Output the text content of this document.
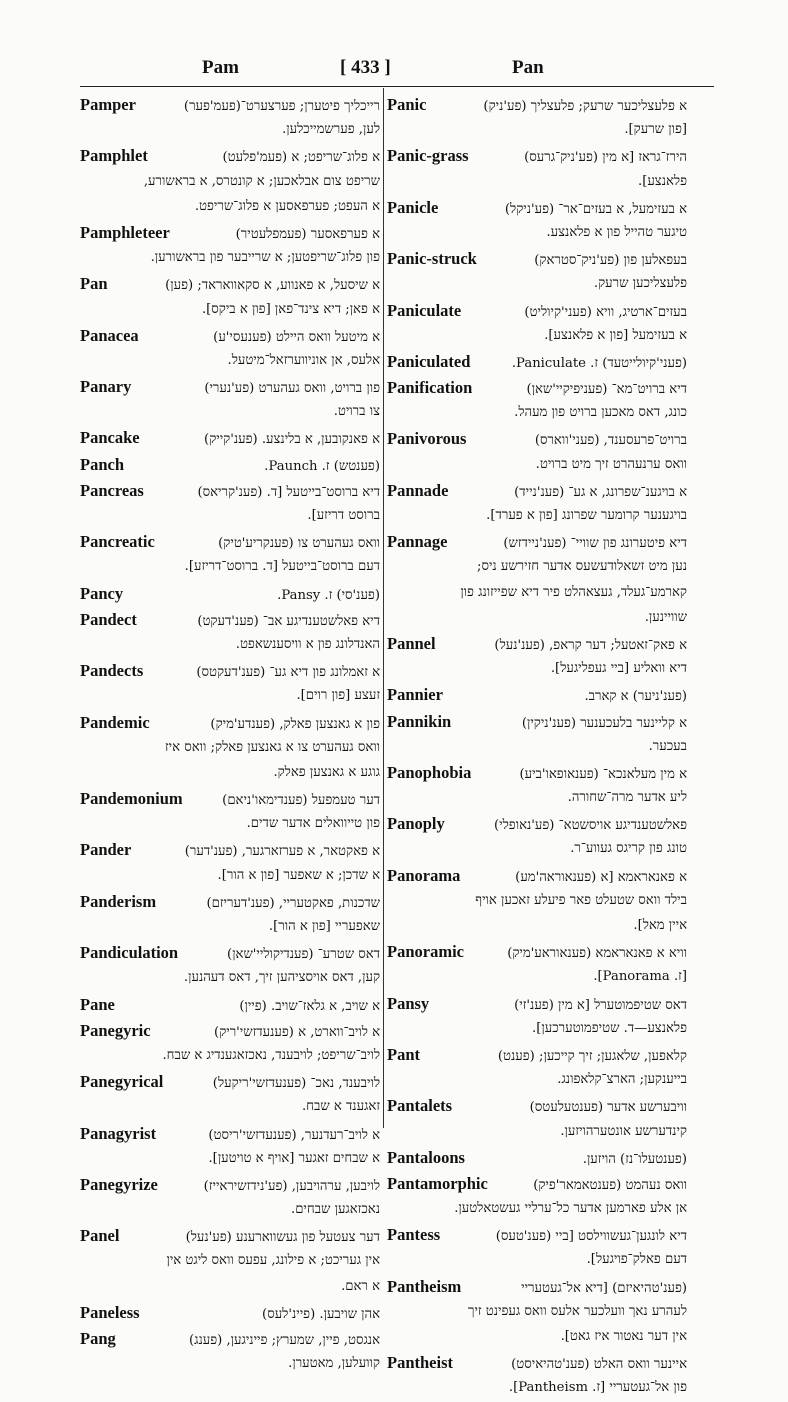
Pam	[ 433 ]	Pan
Pamper	רייכליך פיטערן; פערצערט־(פעמ'פער)
לען, פערשמייכלען.
Pamphlet	א פלוג־שריפט; א (פעמ'פלעט)
שריפט צום אבלאכען; א קונטרס, א בראשורע,
א העפט; פערפאסען א פלוג־שריפט.
Pamphleteer	א פערפאסער (פעמפלעטיר)
פון פלוג־שריפטען; א שרייבער פון בראשורען.
Pan	א שיסעל, א פאנווע, א סקאוואראד; (פען)
א פאן; דיא צינד־פאן [פון א ביקס].
Panacea	א מיטעל וואס היילט (פענעסי'ע)
אלעס, אן אוניווערזאל־מיטעל.
Panary	פון ברויט, וואס געהערט (פע'נערי)
צו ברויט.
Pancake	א פאנקובען, א בלינצע. (פענ'קייק)
Panch	(פענטש) ז. Paunch.
Pancreas	דיא ברוסט־בייטעל [ד. (פענ'קריאס)
ברוסט דריזע].
Pancreatic	וואס געהערט צו (פענקריע'טיק)
דעם ברוסט־בייטעל [ד. ברוסט־דריזע].
Pancy	(פענ'סי) ז. Pansy.
Pandect	דיא פאלשטענדיגע אב־ (פענ'דעקט)
האנדלונג פון א וויסענשאפט.
Pandects	א זאמלונג פון דיא גע־ (פענ'דעקטס)
זעצע [פון רוים].
Pandemic	פון א גאנצען פאלק, (פענדע'מיק)
וואס געהערט צו א גאנצען פאלק; וואס איז
גוגע א גאנצען פאלק.
Pandemonium	דער טעמפעל (פענדימאו'ניאם)
פון טייוואלים אדער שדים.
Pander	א פאקטאר, א פערזארגער, (פענ'דער)
א שדכן; א שאפער [פון א הור].
Panderism	שדכנות, פאקטעריי, (פענ'דעריזם)
שאפעריי [פון א הור].
Pandiculation	דאס שטרע־ (פענדיקוליי'שאן)
קען, דאס אויסציהען זיך, דאס דעהנען.
Pane	א שויב, א גלאז־שויב. (פיין)
Panegyric	א לויב־ווארט, א (פענעדזשי'ריק)
לויב־שריפט; לויבענד, נאכזאגענדיג א שבח.
Panegyrical	לויבענד, נאכ־ (פענעדזשי'ריקעל)
זאגענד א שבח.
Panagyrist	א לויב־רעדנער, (פענעדזשי'ריסט)
א שבחים זאגער [אויף א טויטען].
Panegyrize	לויבען, ערהויבען, (פע'נידזשיראייז)
נאכזאגען שבחים.
Panel	דער צעטעל פון געשווארענע (פע'נעל)
אין געריכט; א פילונג, עפעס וואס ליגט אין
א ראם.
Paneless	אהן שויבען. (פיינ'לעס)
Pang	אנגסט, פיין, שמערץ; פייניגען, (פענג)
קוועלען, מאטערן.
Panic	א פלעצליכער שרעק; פלעצליך (פע'ניק)
[פון שרעק].
Panic-grass	הירז־גראז [א מין (פע'ניק־גרעס)
פלאנצע].
Panicle	א בעזימעל, א בעזים־אר־ (פע'ניקל)
טיגער טהייל פון א פלאנצע.
Panic-struck	בעפאלען פון (פע'ניק־סטראק)
פלעצליכען שרעק.
Paniculate	בעזים־ארטיג, וויא (פעני'קיוליט)
א בעזימעל [פון א פלאנצע].
Paniculated	(פעני'קיולייטעד) ז. Paniculate.
Panification	דיא ברויט־מא־ (פעניפיקיי'שאן)
כונג, דאס מאכען ברויט פון מעהל.
Panivorous	ברויט־פרעסענד, (פעני'ווארס)
וואס ערנעהרט זיך מיט ברויט.
Pannade	א בויגענ־שפרונג, א גע־ (פענ'נייד)
בויגענער קרומער שפרונג [פון א פערד].
Pannage	דיא פיטערונג פון שוויי־ (פענ'ניידזש)
נען מיט זשאלודעשעס אדער חזירשע ניס;
קארמע־געלד, געצאהלט פיר דיא שפייזונג פון
שוויינען.
Pannel	א פאק־זאטעל; דער קראפ, (פענ'נעל)
דיא וואליע [ביי געפליגעל].
Pannier	(פענ'ניער) א קארב.
Pannikin	א קליינער בלעכענער (פענ'ניקין)
בעכער.
Panophobia	א מין מעלאנכא־ (פענאופאו'ביע)
ליע אדער מרה־שחורה.
Panoply	פאלשטענדיגע אויסשטא־ (פע'נאופלי)
טונג פון קריגס געווע־ר.
Panorama	א פאנאראמא [א (פענאוראה'מע)
בילד וואס שטעלט פאר פיעלע זאכען אויף
איין מאל].
Panoramic	וויא א פאנאראמא (פענאוראע'מיק)
[ז. Panorama].
Pansy	דאס שטיפמוטערל [א מין (פענ'זי)
פלאנצע—ד. שטיפמוטערכען].
Pant	קלאפען, שלאגען; זיך קייכען; (פענט)
בייענקען; הארצ־קלאפונג.
Pantalets	וויבערשע אדער (פענטעלעטס)
קינדערשע אונטערהויזען.
Pantaloons	(פענטעלו־נז) הויזען.
Pantamorphic	וואס נעהמט (פענטאמאר'פיק)
אן אלע פארמען אדער כל־ערליי געשטאלטען.
Pantess	דיא לונגען־געשווילסט [ביי (פענ'טעס)
דעם פאלק־פויגעל].
Pantheism	(פענ'טהיאיזם) [דיא אל־געטעריי
לעהרע נאך וועלכער אלעס וואס געפינט זיך
אין דער נאטור איז גאט].
Pantheist	איינער וואס האלט (פענ'טהיאיסט)
פון אל־געטעריי [ז. Pantheism].
